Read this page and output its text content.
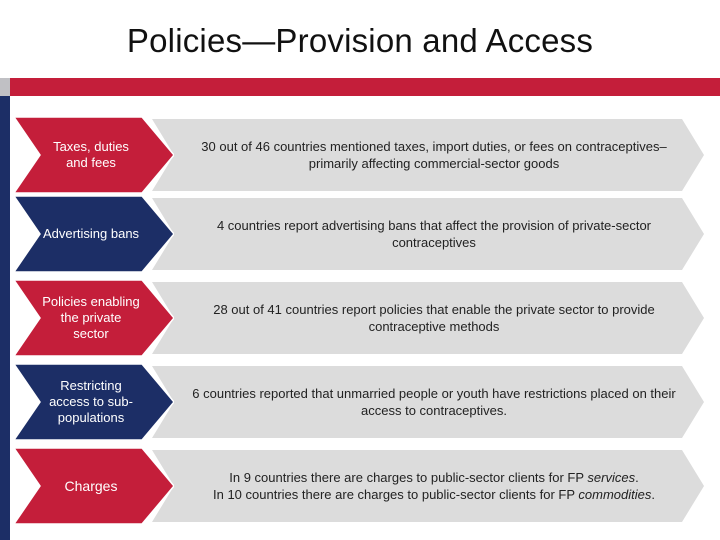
Policies—Provision and Access
Taxes, duties and fees
30 out of 46 countries mentioned taxes, import duties, or fees on contraceptives– primarily affecting commercial-sector goods
Advertising bans
4 countries report advertising bans that affect the provision of private-sector contraceptives
Policies enabling the private sector
28 out of 41 countries report policies that enable the private sector to provide contraceptive methods
Restricting access to sub-populations
6 countries reported that unmarried people or youth have restrictions placed on their access to contraceptives.
Charges
In 9 countries there are charges to public-sector clients for FP services.
In 10 countries there are charges to public-sector clients for FP commodities.
